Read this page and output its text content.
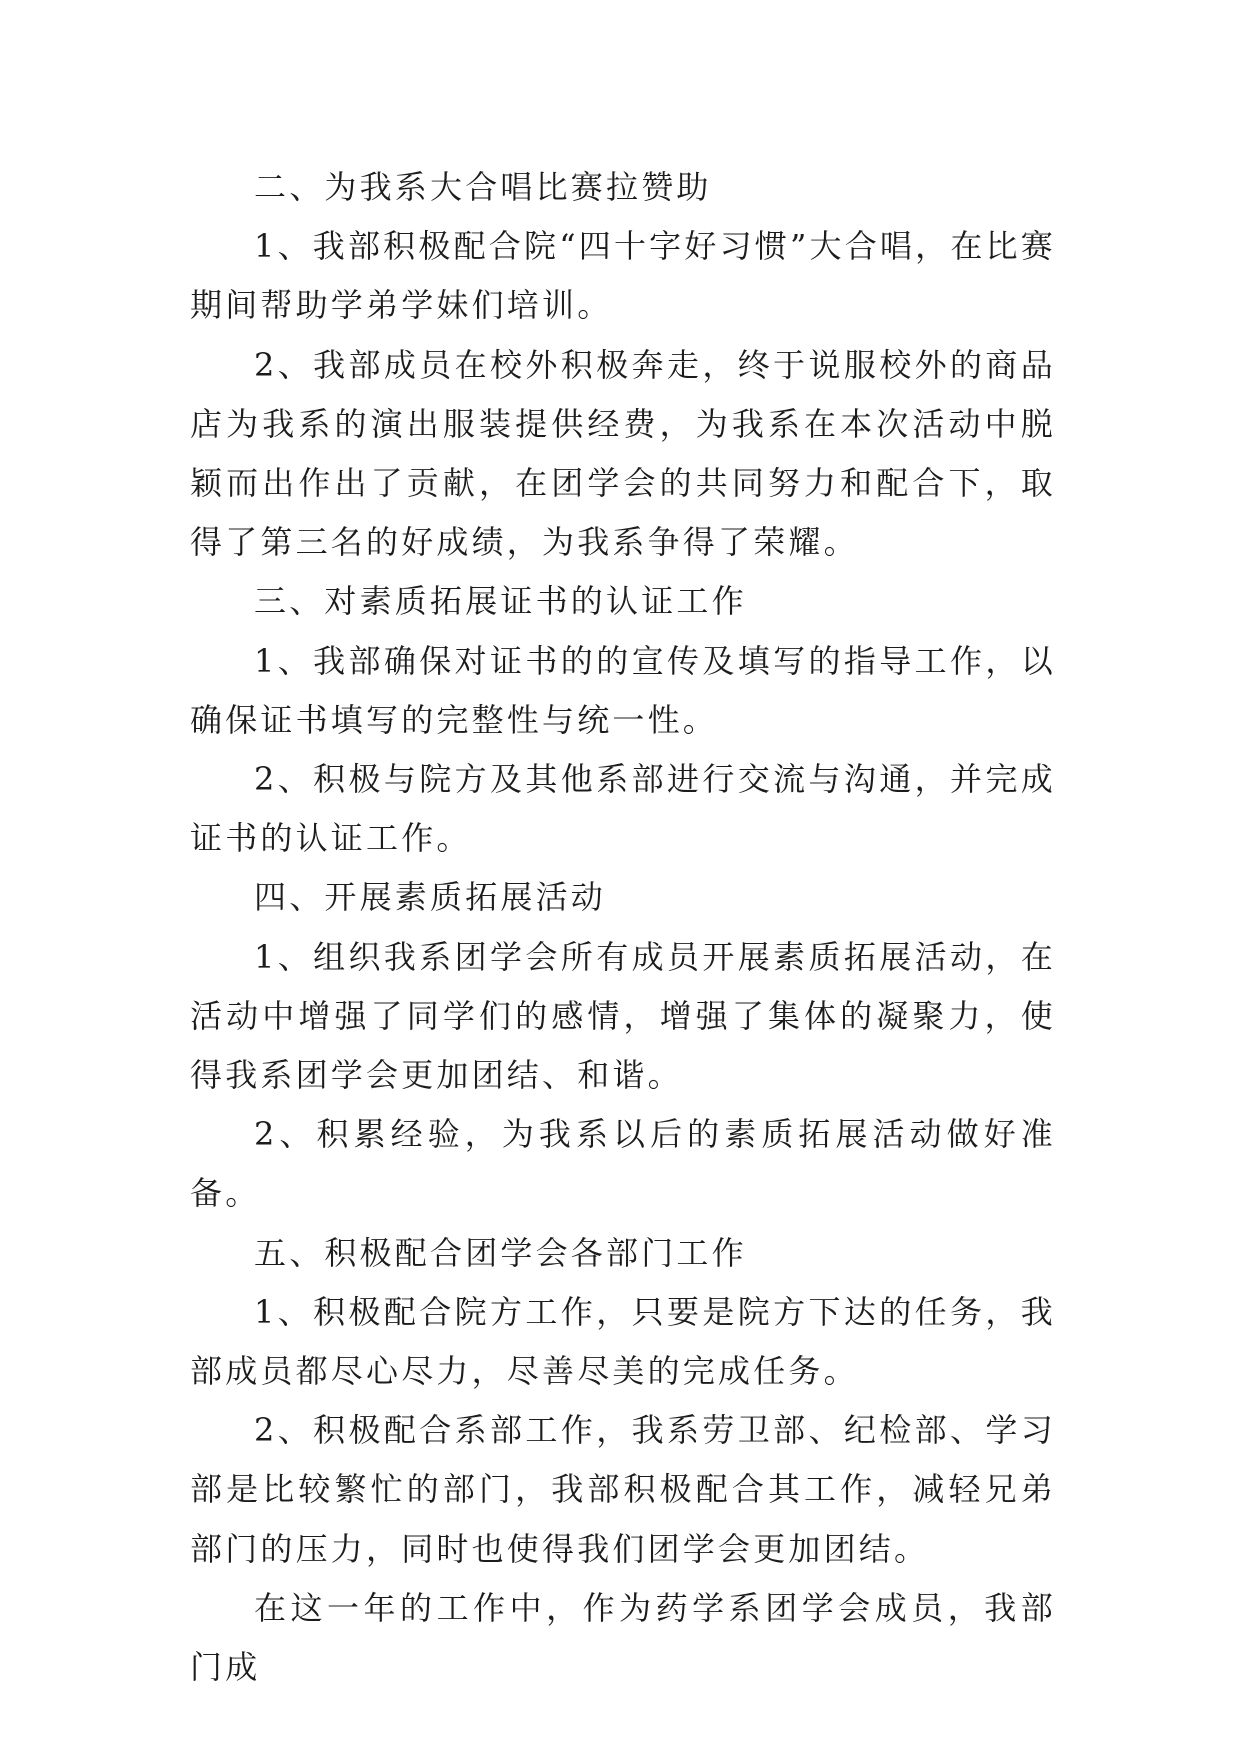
二、为我系大合唱比赛拉赞助

1、我部积极配合院“四十字好习惯”大合唱，在比赛期间帮助学弟学妹们培训。

2、我部成员在校外积极奔走，终于说服校外的商品店为我系的演出服装提供经费，为我系在本次活动中脱颖而出作出了贡献，在团学会的共同努力和配合下，取得了第三名的好成绩，为我系争得了荣耀。

三、对素质拓展证书的认证工作

1、我部确保对证书的的宣传及填写的指导工作，以确保证书填写的完整性与统一性。

2、积极与院方及其他系部进行交流与沟通，并完成证书的认证工作。

四、开展素质拓展活动

1、组织我系团学会所有成员开展素质拓展活动，在活动中增强了同学们的感情，增强了集体的凝聚力，使得我系团学会更加团结、和谐。

2、积累经验，为我系以后的素质拓展活动做好准备。

五、积极配合团学会各部门工作

1、积极配合院方工作，只要是院方下达的任务，我部成员都尽心尽力，尽善尽美的完成任务。

2、积极配合系部工作，我系劳卫部、纪检部、学习部是比较繁忙的部门，我部积极配合其工作，减轻兄弟部门的压力，同时也使得我们团学会更加团结。

在这一年的工作中，作为药学系团学会成员，我部门成
